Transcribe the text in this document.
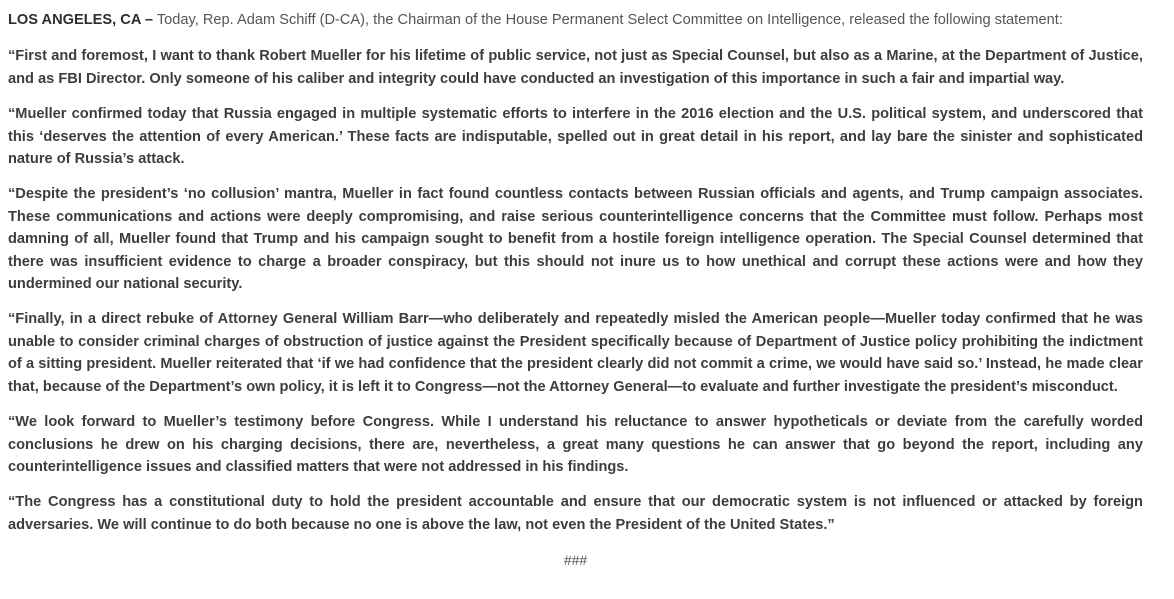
LOS ANGELES, CA – Today, Rep. Adam Schiff (D-CA), the Chairman of the House Permanent Select Committee on Intelligence, released the following statement:

“First and foremost, I want to thank Robert Mueller for his lifetime of public service, not just as Special Counsel, but also as a Marine, at the Department of Justice, and as FBI Director. Only someone of his caliber and integrity could have conducted an investigation of this importance in such a fair and impartial way.

“Mueller confirmed today that Russia engaged in multiple systematic efforts to interfere in the 2016 election and the U.S. political system, and underscored that this ‘deserves the attention of every American.’ These facts are indisputable, spelled out in great detail in his report, and lay bare the sinister and sophisticated nature of Russia’s attack.

“Despite the president’s ‘no collusion’ mantra, Mueller in fact found countless contacts between Russian officials and agents, and Trump campaign associates. These communications and actions were deeply compromising, and raise serious counterintelligence concerns that the Committee must follow. Perhaps most damning of all, Mueller found that Trump and his campaign sought to benefit from a hostile foreign intelligence operation. The Special Counsel determined that there was insufficient evidence to charge a broader conspiracy, but this should not inure us to how unethical and corrupt these actions were and how they undermined our national security.

“Finally, in a direct rebuke of Attorney General William Barr—who deliberately and repeatedly misled the American people—Mueller today confirmed that he was unable to consider criminal charges of obstruction of justice against the President specifically because of Department of Justice policy prohibiting the indictment of a sitting president. Mueller reiterated that ‘if we had confidence that the president clearly did not commit a crime, we would have said so.’ Instead, he made clear that, because of the Department’s own policy, it is left it to Congress—not the Attorney General—to evaluate and further investigate the president’s misconduct.

“We look forward to Mueller’s testimony before Congress. While I understand his reluctance to answer hypotheticals or deviate from the carefully worded conclusions he drew on his charging decisions, there are, nevertheless, a great many questions he can answer that go beyond the report, including any counterintelligence issues and classified matters that were not addressed in his findings.

“The Congress has a constitutional duty to hold the president accountable and ensure that our democratic system is not influenced or attacked by foreign adversaries. We will continue to do both because no one is above the law, not even the President of the United States.”

###
